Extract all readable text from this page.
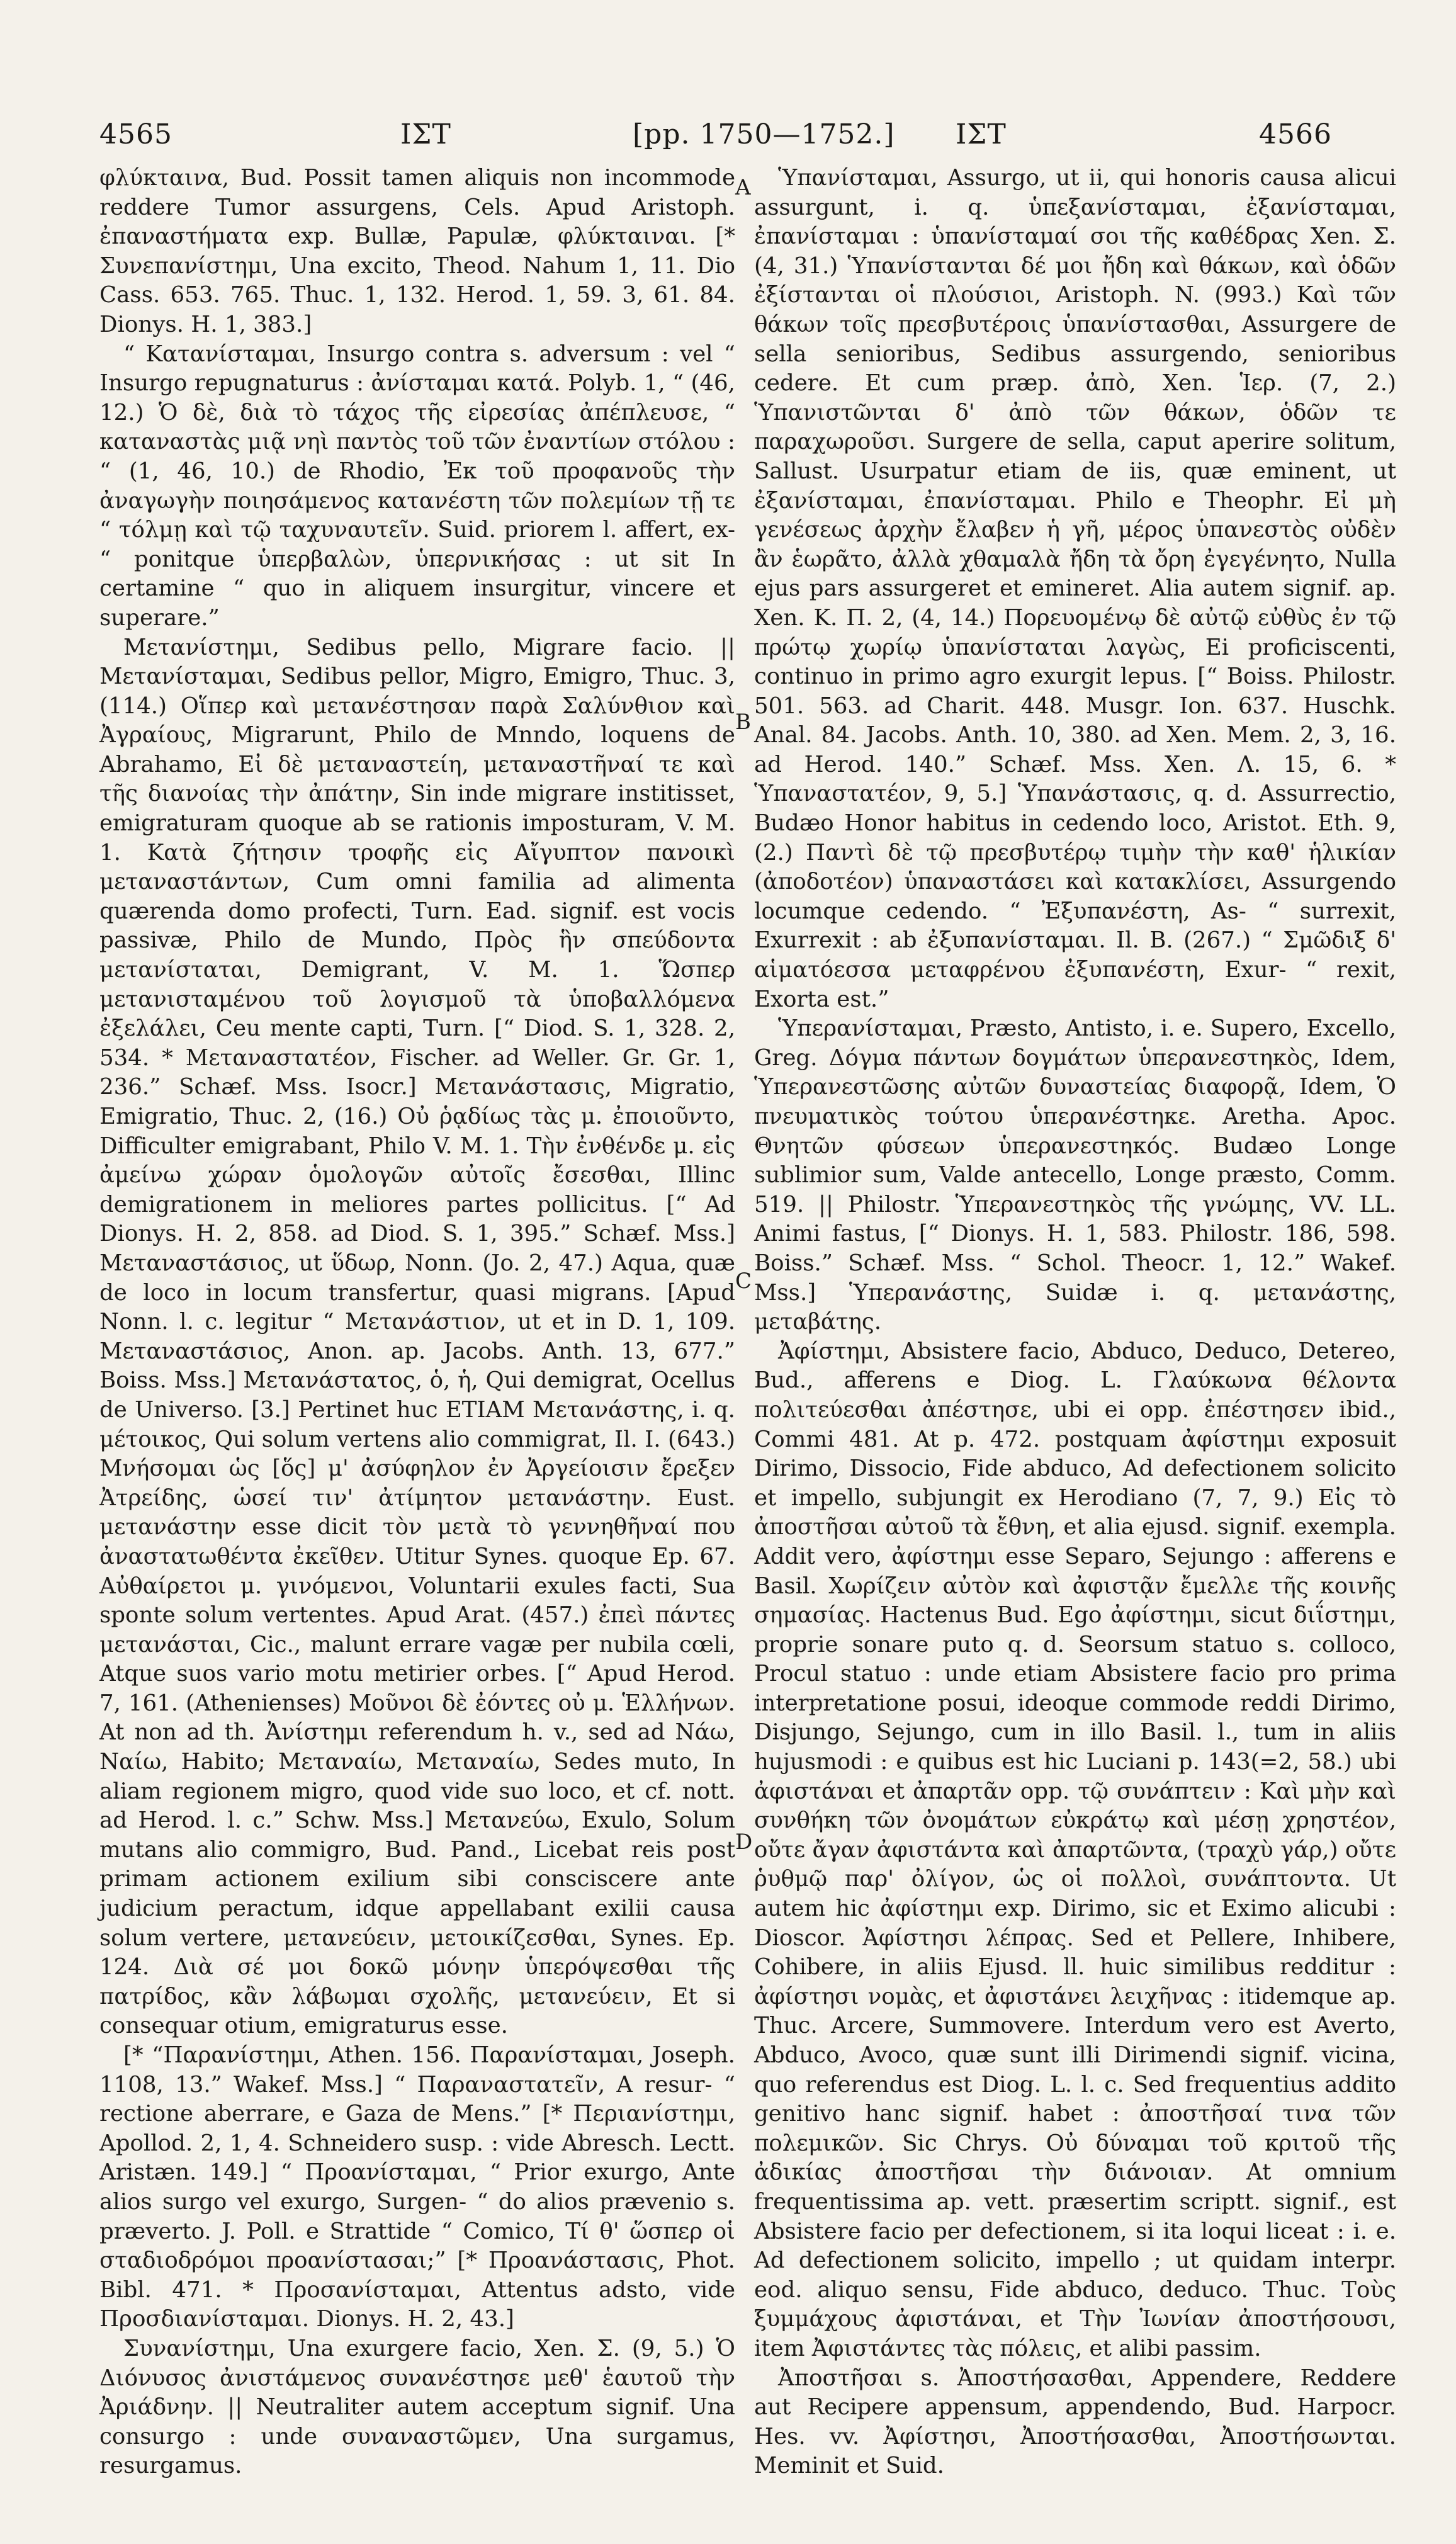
4565	ΙΣΤ	[pp. 1750—1752.] ΙΣΤ	4566

φλύκταινα, Bud. Possit tamen aliquis non incommode reddere Tumor assurgens, Cels. Apud Aristoph. ἐπαναστήματα exp. Bullæ, Papulæ, φλύκταιναι. [* Συνεπανίστημι, Una excito, Theod. Nahum 1, 11. Dio Cass. 653. 765. Thuc. 1, 132. Herod. 1, 59. 3, 61. 84. Dionys. H. 1, 383.]

“ Κατανίσταμαι, Insurgo contra s. adversum : vel “ Insurgo repugnaturus : ἀνίσταμαι κατά. Polyb. 1, “ (46, 12.) Ὁ δὲ, διὰ τὸ τάχος τῆς εἰρεσίας ἀπέπλευσε, “ καταναστὰς μιᾷ νηὶ παντὸς τοῦ τῶν ἐναντίων στόλου : “ (1, 46, 10.) de Rhodio, Ἐκ τοῦ προφανοῦς τὴν ἀναγωγὴν ποιησάμενος κατανέστη τῶν πολεμίων τῇ τε “ τόλμῃ καὶ τῷ ταχυναυτεῖν. Suid. priorem l. affert, ex- “ ponitque ὑπερβαλὼν, ὑπερνικήσας : ut sit In certamine “ quo in aliquem insurgitur, vincere et superare.”

Μετανίστημι, Sedibus pello, Migrare facio. || Μετανίσταμαι, Sedibus pellor, Migro, Emigro, Thuc. 3, (114.) Οἵπερ καὶ μετανέστησαν παρὰ Σαλύνθιον καὶ Ἀγραίους, Migrarunt, Philo de Mnndo, loquens de Abrahamo, Εἰ δὲ μεταναστείη, μεταναστῆναί τε καὶ τῆς διανοίας τὴν ἀπάτην, Sin inde migrare institisset, emigraturam quoque ab se rationis imposturam, V. M. 1. Κατὰ ζήτησιν τροφῆς εἰς Αἴγυπτον πανοικὶ μεταναστάντων, Cum omni familia ad alimenta quærenda domo profecti, Turn. Ead. signif. est vocis passivæ, Philo de Mundo, Πρὸς ἣν σπεύδοντα μετανίσταται, Demigrant, V. M. 1. Ὥσπερ μετανισταμένου τοῦ λογισμοῦ τὰ ὑποβαλλόμενα ἐξελάλει, Ceu mente capti, Turn. [“ Diod. S. 1, 328. 2, 534. * Μεταναστατέον, Fischer. ad Weller. Gr. Gr. 1, 236.” Schæf. Mss. Isocr.] Μετανάστασις, Migratio, Emigratio, Thuc. 2, (16.) Οὐ ῥᾳδίως τὰς μ. ἐποιοῦντο, Difficulter emigrabant, Philo V. M. 1. Τὴν ἐνθένδε μ. εἰς ἀμείνω χώραν ὁμολογῶν αὐτοῖς ἔσεσθαι, Illinc demigrationem in meliores partes pollicitus. [“ Ad Dionys. H. 2, 858. ad Diod. S. 1, 395.” Schæf. Mss.] Μεταναστάσιος, ut ὕδωρ, Nonn. (Jo. 2, 47.) Aqua, quæ de loco in locum transfertur, quasi migrans. [Apud Nonn. l. c. legitur “ Μετανάστιον, ut et in D. 1, 109. Μεταναστάσιος, Anon. ap. Jacobs. Anth. 13, 677.” Boiss. Mss.] Μετανάστατος, ὁ, ἡ, Qui demigrat, Ocellus de Universo. [3.] Pertinet huc ETIAM Μετανάστης, i. q. μέτοικος, Qui solum vertens alio commigrat, Il. I. (643.) Μνήσομαι ὡς [ὅς] μ' ἀσύφηλον ἐν Ἀργείοισιν ἔρεξεν Ἀτρείδης, ὡσεί τιν' ἀτίμητον μετανάστην. Eust. μετανάστην esse dicit τὸν μετὰ τὸ γεννηθῆναί που ἀναστατωθέντα ἐκεῖθεν. Utitur Synes. quoque Ep. 67. Αὐθαίρετοι μ. γινόμενοι, Voluntarii exules facti, Sua sponte solum vertentes. Apud Arat. (457.) ἐπεὶ πάντες μετανάσται, Cic., malunt errare vagæ per nubila cœli, Atque suos vario motu metirier orbes. [“ Apud Herod. 7, 161. (Athenienses) Μοῦνοι δὲ ἐόντες οὐ μ. Ἑλλήνων. At non ad th. Ἀνίστημι referendum h. v., sed ad Νάω, Ναίω, Habito; Μεταναίω, Μεταναίω, Sedes muto, In aliam regionem migro, quod vide suo loco, et cf. nott. ad Herod. l. c.” Schw. Mss.] Μετανεύω, Exulo, Solum mutans alio commigro, Bud. Pand., Licebat reis post primam actionem exilium sibi consciscere ante judicium peractum, idque appellabant exilii causa solum vertere, μετανεύειν, μετοικίζεσθαι, Synes. Ep. 124. Διὰ σέ μοι δοκῶ μόνην ὑπερόψεσθαι τῆς πατρίδος, κἂν λάβωμαι σχολῆς, μετανεύειν, Et si consequar otium, emigraturus esse.

[* “Παρανίστημι, Athen. 156. Παρανίσταμαι, Joseph. 1108, 13.” Wakef. Mss.] “ Παραναστατεῖν, A resur- “ rectione aberrare, e Gaza de Mens.” [* Περιανίστημι, Apollod. 2, 1, 4. Schneidero susp. : vide Abresch. Lectt. Aristæn. 149.] “ Προανίσταμαι, “ Prior exurgo, Ante alios surgo vel exurgo, Surgen- “ do alios prævenio s. præverto. J. Poll. e Strattide “ Comico, Τί θ' ὥσπερ οἱ σταδιοδρόμοι προανίστασαι;” [* Προανάστασις, Phot. Bibl. 471. * Προσανίσταμαι, Attentus adsto, vide Προσδιανίσταμαι. Dionys. H. 2, 43.]

Συνανίστημι, Una exurgere facio, Xen. Σ. (9, 5.) Ὁ Διόνυσος ἀνιστάμενος συνανέστησε μεθ' ἑαυτοῦ τὴν Ἀριάδνην. || Neutraliter autem acceptum signif. Una consurgo : unde συναναστῶμεν, Una surgamus, resurgamus.

A
B
C
D

Ὑπανίσταμαι, Assurgo, ut ii, qui honoris causa alicui assurgunt, i. q. ὑπεξανίσταμαι, ἐξανίσταμαι, ἐπανίσταμαι : ὑπανίσταμαί σοι τῆς καθέδρας Xen. Σ. (4, 31.) Ὑπανίστανται δέ μοι ἤδη καὶ θάκων, καὶ ὁδῶν ἐξίστανται οἱ πλούσιοι, Aristoph. N. (993.) Καὶ τῶν θάκων τοῖς πρεσβυτέροις ὑπανίστασθαι, Assurgere de sella senioribus, Sedibus assurgendo, senioribus cedere. Et cum præp. ἀπὸ, Xen. Ἱερ. (7, 2.) Ὑπανιστῶνται δ' ἀπὸ τῶν θάκων, ὁδῶν τε παραχωροῦσι. Surgere de sella, caput aperire solitum, Sallust. Usurpatur etiam de iis, quæ eminent, ut ἐξανίσταμαι, ἐπανίσταμαι. Philo e Theophr. Εἰ μὴ γενέσεως ἀρχὴν ἔλαβεν ἡ γῆ, μέρος ὑπανεστὸς οὐδὲν ἂν ἑωρᾶτο, ἀλλὰ χθαμαλὰ ἤδη τὰ ὄρη ἐγεγένητο, Nulla ejus pars assurgeret et emineret. Alia autem signif. ap. Xen. Κ. Π. 2, (4, 14.) Πορευομένῳ δὲ αὐτῷ εὐθὺς ἐν τῷ πρώτῳ χωρίῳ ὑπανίσταται λαγὼς, Ei proficiscenti, continuo in primo agro exurgit lepus. [“ Boiss. Philostr. 501. 563. ad Charit. 448. Musgr. Ion. 637. Huschk. Anal. 84. Jacobs. Anth. 10, 380. ad Xen. Mem. 2, 3, 16. ad Herod. 140.” Schæf. Mss. Xen. Λ. 15, 6. * Ὑπαναστατέον, 9, 5.] Ὑπανάστασις, q. d. Assurrectio, Budæo Honor habitus in cedendo loco, Aristot. Eth. 9, (2.) Παντὶ δὲ τῷ πρεσβυτέρῳ τιμὴν τὴν καθ' ἡλικίαν (ἀποδοτέον) ὑπαναστάσει καὶ κατακλίσει, Assurgendo locumque cedendo. “ Ἐξυπανέστη, As- “ surrexit, Exurrexit : ab ἐξυπανίσταμαι. Il. B. (267.) “ Σμῶδιξ δ' αἱματόεσσα μεταφρένου ἐξυπανέστη, Exur- “ rexit, Exorta est.”

Ὑπερανίσταμαι, Præsto, Antisto, i. e. Supero, Excello, Greg. Δόγμα πάντων δογμάτων ὑπερανεστηκὸς, Idem, Ὑπερανεστῶσης αὐτῶν δυναστείας διαφορᾷ, Idem, Ὁ πνευματικὸς τούτου ὑπερανέστηκε. Aretha. Apoc. Θνητῶν φύσεων ὑπερανεστηκός. Budæo Longe sublimior sum, Valde antecello, Longe præsto, Comm. 519. || Philostr. Ὑπερανεστηκὸς τῆς γνώμης, VV. LL. Animi fastus, [“ Dionys. H. 1, 583. Philostr. 186, 598. Boiss.” Schæf. Mss. “ Schol. Theocr. 1, 12.” Wakef. Mss.] Ὑπερανάστης, Suidæ i. q. μετανάστης, μεταβάτης.

Ἀφίστημι, Absistere facio, Abduco, Deduco, Detereo, Bud., afferens e Diog. L. Γλαύκωνα θέλοντα πολιτεύεσθαι ἀπέστησε, ubi ei opp. ἐπέστησεν ibid., Commi 481. At p. 472. postquam ἀφίστημι exposuit Dirimo, Dissocio, Fide abduco, Ad defectionem solicito et impello, subjungit ex Herodiano (7, 7, 9.) Εἰς τὸ ἀποστῆσαι αὐτοῦ τὰ ἔθνη, et alia ejusd. signif. exempla. Addit vero, ἀφίστημι esse Separo, Sejungo : afferens e Basil. Χωρίζειν αὐτὸν καὶ ἀφιστᾷν ἔμελλε τῆς κοινῆς σημασίας. Hactenus Bud. Ego ἀφίστημι, sicut διΐστημι, proprie sonare puto q. d. Seorsum statuo s. colloco, Procul statuo : unde etiam Absistere facio pro prima interpretatione posui, ideoque commode reddi Dirimo, Disjungo, Sejungo, cum in illo Basil. l., tum in aliis hujusmodi : e quibus est hic Luciani p. 143(=2, 58.) ubi ἀφιστάναι et ἀπαρτᾶν opp. τῷ συνάπτειν : Καὶ μὴν καὶ συνθήκη τῶν ὀνομάτων εὐκράτῳ καὶ μέσῃ χρηστέον, οὔτε ἄγαν ἀφιστάντα καὶ ἀπαρτῶντα, (τραχὺ γάρ,) οὔτε ῥυθμῷ παρ' ὀλίγον, ὡς οἱ πολλοὶ, συνάπτοντα. Ut autem hic ἀφίστημι exp. Dirimo, sic et Eximo alicubi : Dioscor. Ἀφίστησι λέπρας. Sed et Pellere, Inhibere, Cohibere, in aliis Ejusd. ll. huic similibus redditur : ἀφίστησι νομὰς, et ἀφιστάνει λειχῆνας : itidemque ap. Thuc. Arcere, Summovere. Interdum vero est Averto, Abduco, Avoco, quæ sunt illi Dirimendi signif. vicina, quo referendus est Diog. L. l. c. Sed frequentius addito genitivo hanc signif. habet : ἀποστῆσαί τινα τῶν πολεμικῶν. Sic Chrys. Οὐ δύναμαι τοῦ κριτοῦ τῆς ἀδικίας ἀποστῆσαι τὴν διάνοιαν. At omnium frequentissima ap. vett. præsertim scriptt. signif., est Absistere facio per defectionem, si ita loqui liceat : i. e. Ad defectionem solicito, impello ; ut quidam interpr. eod. aliquo sensu, Fide abduco, deduco. Thuc. Τοὺς ξυμμάχους ἀφιστάναι, et Τὴν Ἰωνίαν ἀποστήσουσι, item Ἀφιστάντες τὰς πόλεις, et alibi passim.

Ἀποστῆσαι s. Ἀποστήσασθαι, Appendere, Reddere aut Recipere appensum, appendendo, Bud. Harpocr. Hes. vv. Ἀφίστησι, Ἀποστήσασθαι, Ἀποστήσωνται. Meminit et Suid.
